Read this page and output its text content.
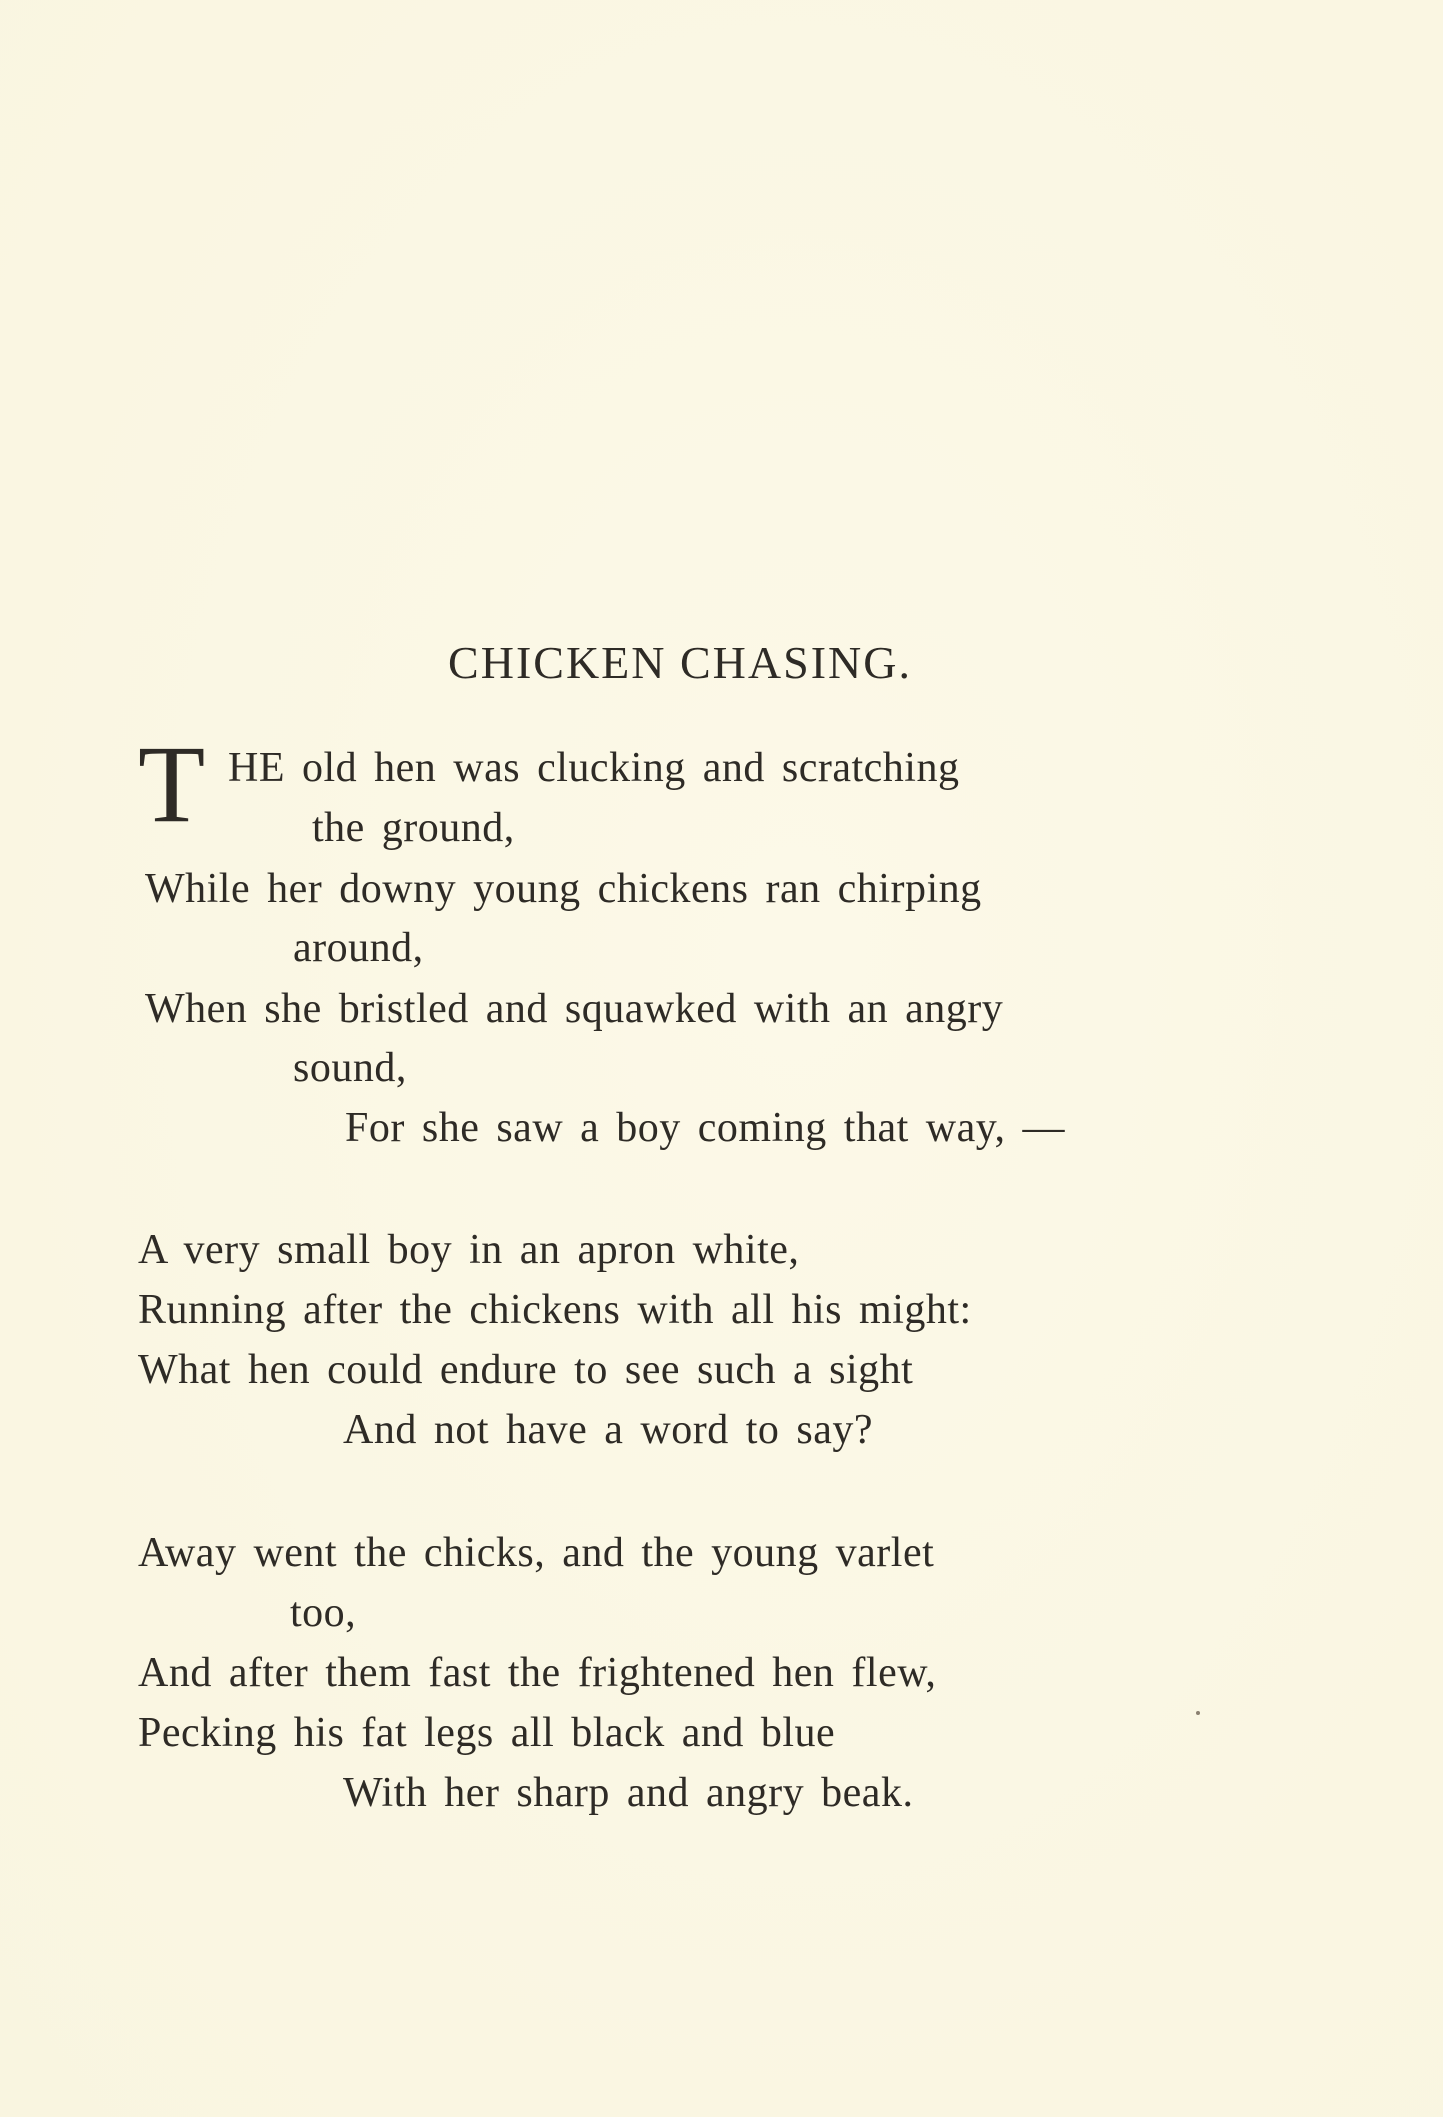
CHICKEN CHASING.
T HE old hen was clucking and scratching
the ground,
While her downy young chickens ran chirping
around,
When she bristled and squawked with an angry
sound,
For she saw a boy coming that way, —
A very small boy in an apron white,
Running after the chickens with all his might:
What hen could endure to see such a sight
And not have a word to say?
Away went the chicks, and the young varlet
too,
And after them fast the frightened hen flew,
Pecking his fat legs all black and blue
With her sharp and angry beak.
